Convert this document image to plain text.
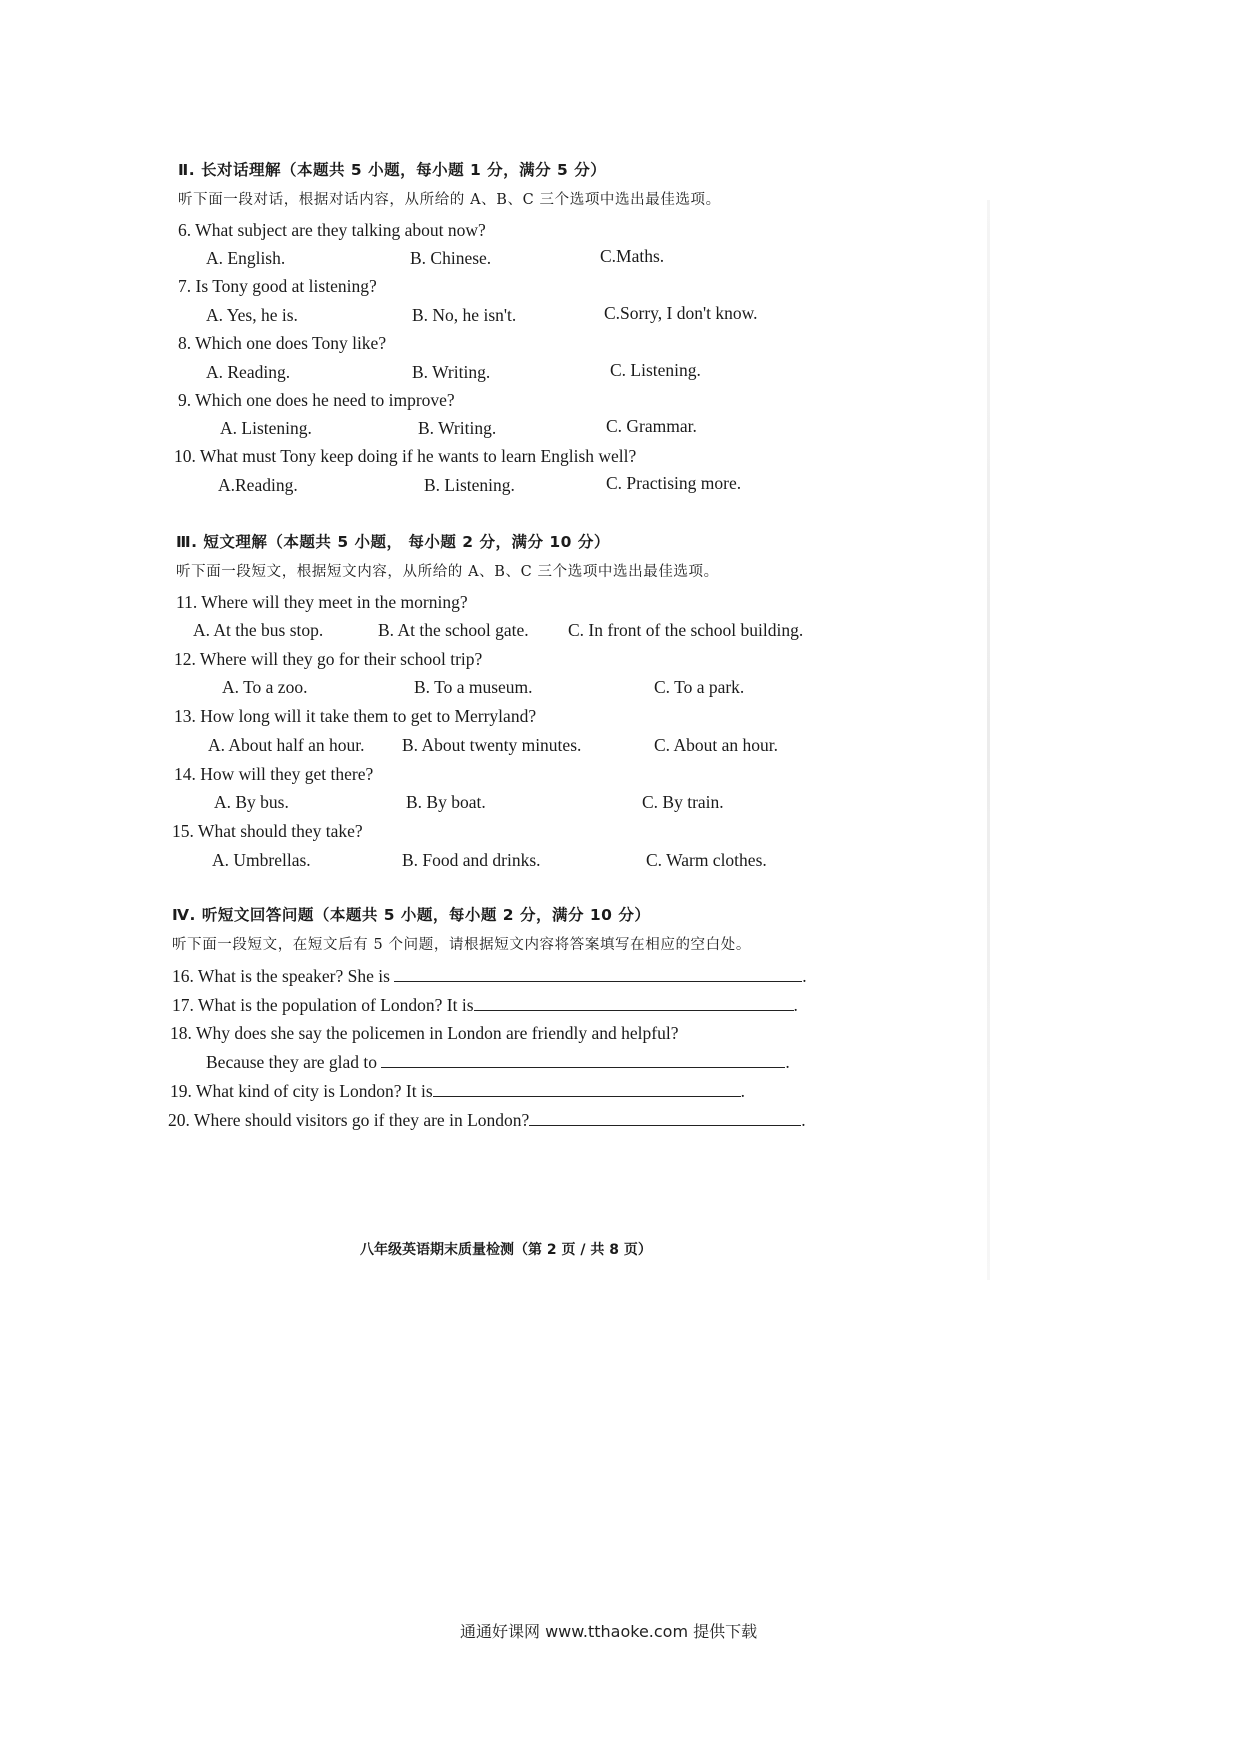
Ⅱ. 长对话理解（本题共 5 小题，每小题 1 分，满分 5 分）
听下面一段对话，根据对话内容，从所给的 A、B、C 三个选项中选出最佳选项。
6. What subject are they talking about now?
A. English.	B. Chinese.	C.Maths.
7. Is Tony good at listening?
A. Yes, he is.	B. No, he isn't.	C.Sorry, I don't know.
8. Which one does Tony like?
A. Reading.	B. Writing.	C. Listening.
9. Which one does he need to improve?
A. Listening.	B. Writing.	C. Grammar.
10. What must Tony keep doing if he wants to learn English well?
A.Reading.	B. Listening.	C. Practising more.
Ⅲ. 短文理解（本题共 5 小题， 每小题 2 分，满分 10 分）
听下面一段短文，根据短文内容，从所给的 A、B、C 三个选项中选出最佳选项。
11. Where will they meet in the morning?
A. At the bus stop.	B. At the school gate. C. In front of the school building.
12. Where will they go for their school trip?
A. To a zoo.	B. To a museum.	C. To a park.
13. How long will it take them to get to Merryland?
A. About half an hour. B. About twenty minutes.	C. About an hour.
14. How will they get there?
A. By bus.	B. By boat.	C. By train.
15. What should they take?
A. Umbrellas.	B. Food and drinks.	C. Warm clothes.
Ⅳ. 听短文回答问题（本题共 5 小题，每小题 2 分，满分 10 分）
听下面一段短文，在短文后有 5 个问题，请根据短文内容将答案填写在相应的空白处。
16. What is the speaker? She is	.
17. What is the population of London? It is	.
18. Why does she say the policemen in London are friendly and helpful?
Because they are glad to	.
19. What kind of city is London? It is	.
20. Where should visitors go if they are in London?	.
八年级英语期末质量检测（第 2 页 / 共 8 页）
通通好课网 www.tthaoke.com 提供下载
